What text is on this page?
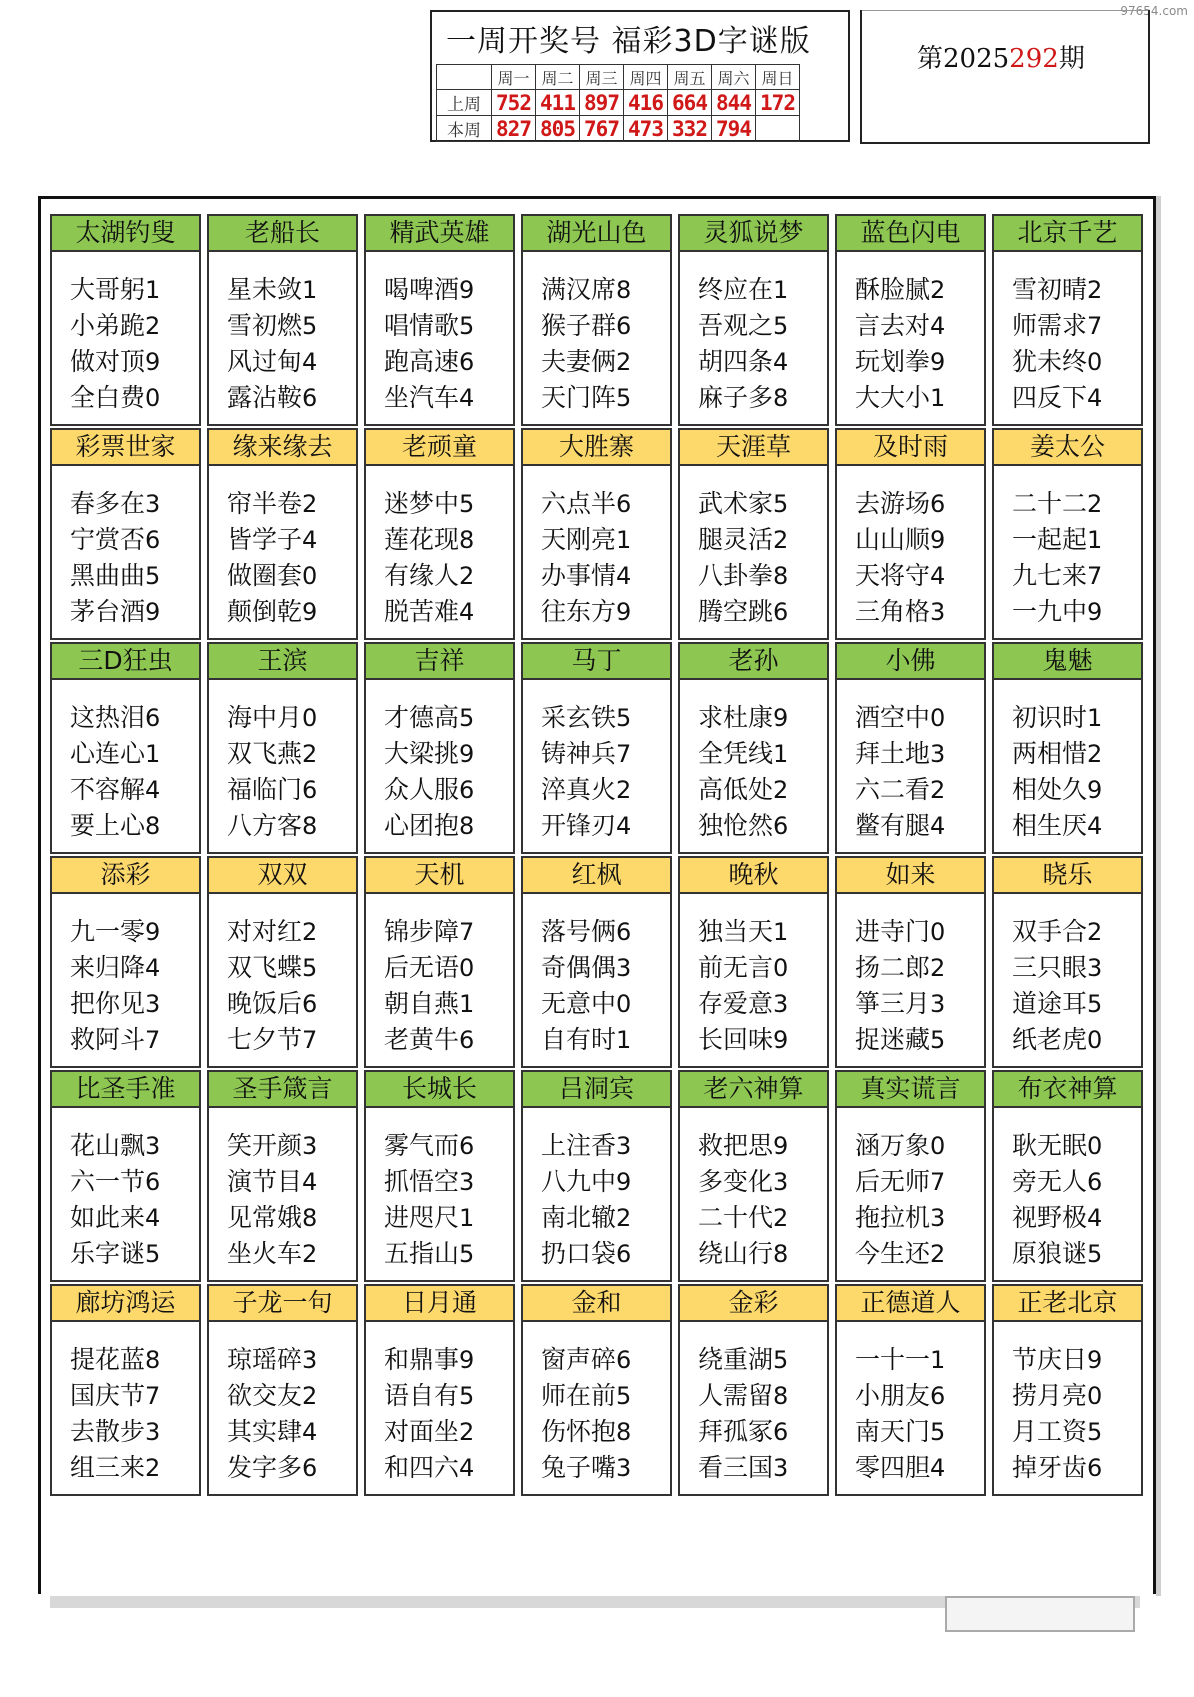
97654.com
一周开奖号 福彩3D字谜版
	周一	周二	周三	周四	周五	周六	周日
上周	752	411	897	416	664	844	172
本周	827	805	767	473	332	794	
第2025292期
太湖钓叟
大哥躬1
小弟跪2
做对顶9
全白费0
老船长
星未敛1
雪初燃5
风过甸4
露沾鞍6
精武英雄
喝啤酒9
唱情歌5
跑高速6
坐汽车4
湖光山色
满汉席8
猴子群6
夫妻俩2
天门阵5
灵狐说梦
终应在1
吾观之5
胡四条4
麻子多8
蓝色闪电
酥脸腻2
言去对4
玩划拳9
大大小1
北京千艺
雪初晴2
师需求7
犹未终0
四反下4
彩票世家
春多在3
宁赏否6
黑曲曲5
茅台酒9
缘来缘去
帘半卷2
皆学子4
做圈套0
颠倒乾9
老顽童
迷梦中5
莲花现8
有缘人2
脱苦难4
大胜寨
六点半6
天刚亮1
办事情4
往东方9
天涯草
武术家5
腿灵活2
八卦拳8
腾空跳6
及时雨
去游场6
山山顺9
天将守4
三角格3
姜太公
二十二2
一起起1
九七来7
一九中9
三D狂虫
这热泪6
心连心1
不容解4
要上心8
王滨
海中月0
双飞燕2
福临门6
八方客8
吉祥
才德高5
大梁挑9
众人服6
心团抱8
马丁
采玄铁5
铸神兵7
淬真火2
开锋刃4
老孙
求杜康9
全凭线1
高低处2
独怆然6
小佛
酒空中0
拜土地3
六二看2
鳖有腿4
鬼魅
初识时1
两相惜2
相处久9
相生厌4
添彩
九一零9
来归降4
把你见3
救阿斗7
双双
对对红2
双飞蝶5
晚饭后6
七夕节7
天机
锦步障7
后无语0
朝自燕1
老黄牛6
红枫
落号俩6
奇偶偶3
无意中0
自有时1
晚秋
独当天1
前无言0
存爱意3
长回味9
如来
进寺门0
扬二郎2
箏三月3
捉迷藏5
晓乐
双手合2
三只眼3
道途耳5
纸老虎0
比圣手准
花山飘3
六一节6
如此来4
乐字谜5
圣手箴言
笑开颜3
演节目4
见常娥8
坐火车2
长城长
雾气而6
抓悟空3
进咫尺1
五指山5
吕洞宾
上注香3
八九中9
南北辙2
扔口袋6
老六神算
救把思9
多变化3
二十代2
绕山行8
真实谎言
涵万象0
后无师7
拖拉机3
今生还2
布衣神算
耿无眠0
旁无人6
视野极4
原狼谜5
廊坊鸿运
提花蓝8
国庆节7
去散步3
组三来2
子龙一句
琼瑶碎3
欲交友2
其实肆4
发字多6
日月通
和鼎事9
语自有5
对面坐2
和四六4
金和
窗声碎6
师在前5
伤怀抱8
兔子嘴3
金彩
绕重湖5
人需留8
拜孤冢6
看三国3
正德道人
一十一1
小朋友6
南天门5
零四胆4
正老北京
节庆日9
捞月亮0
月工资5
掉牙齿6
